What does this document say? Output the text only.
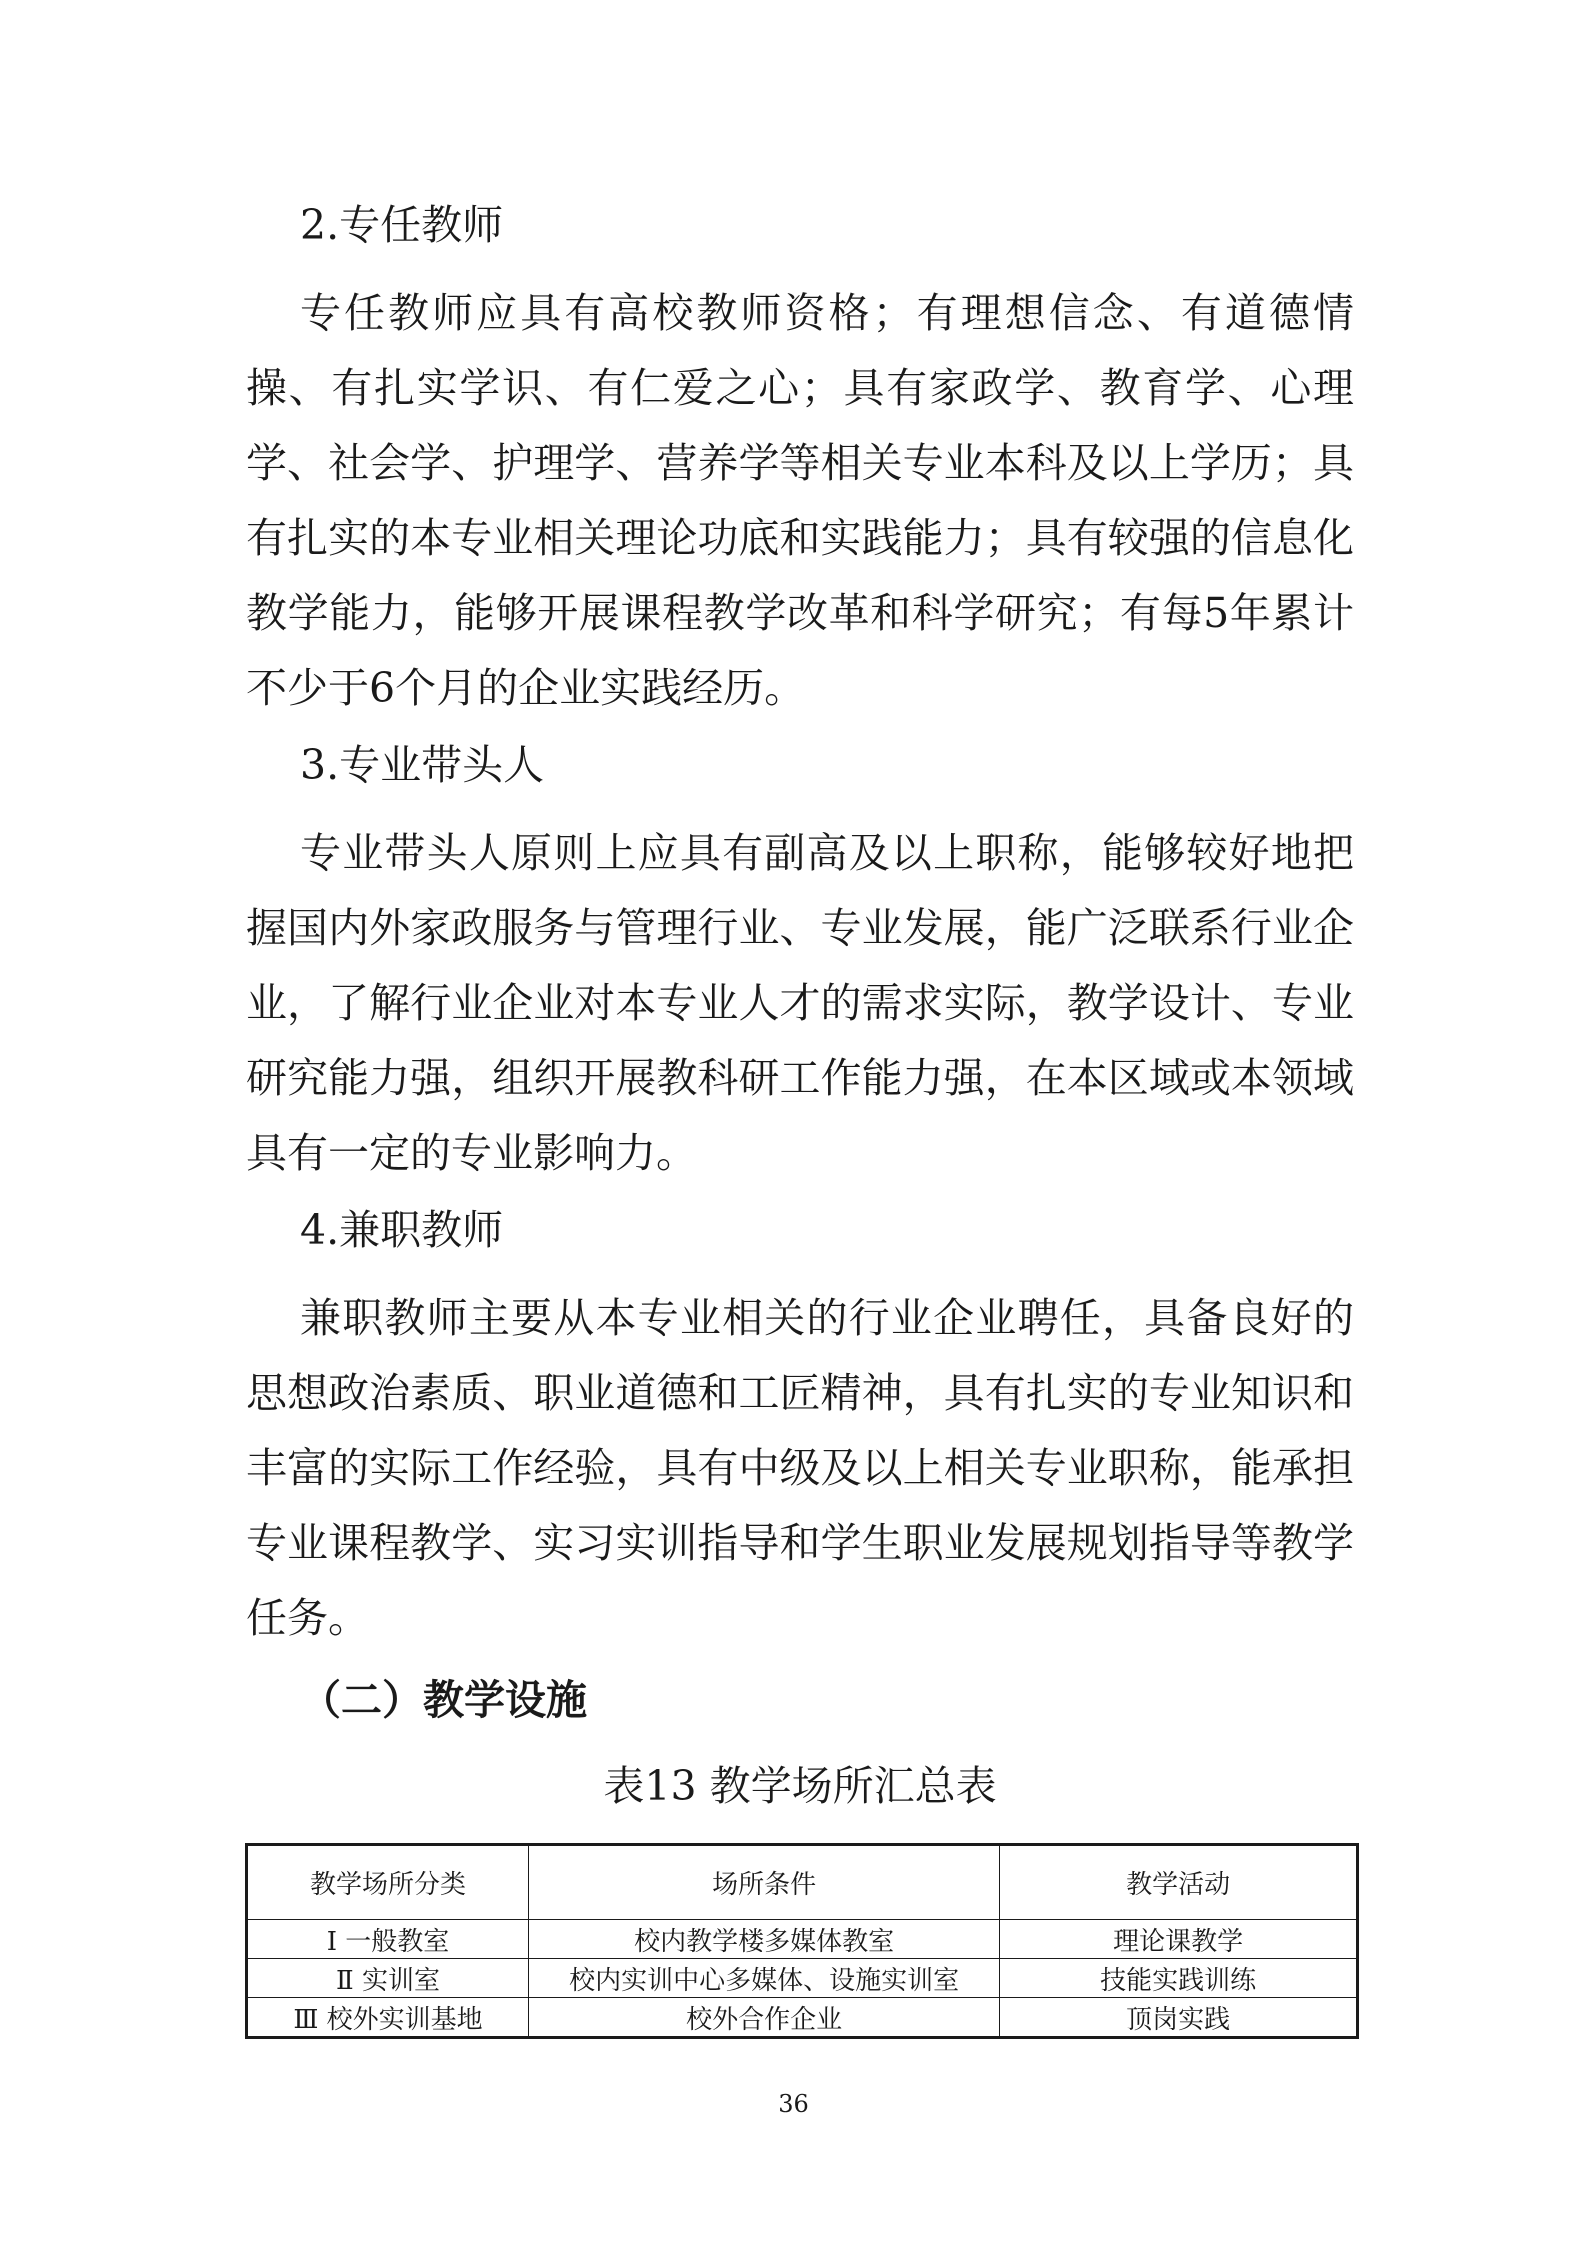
2.专任教师

专任教师应具有高校教师资格；有理想信念、有道德情操、有扎实学识、有仁爱之心；具有家政学、教育学、心理学、社会学、护理学、营养学等相关专业本科及以上学历；具有扎实的本专业相关理论功底和实践能力；具有较强的信息化教学能力，能够开展课程教学改革和科学研究；有每5年累计不少于6个月的企业实践经历。

3.专业带头人

专业带头人原则上应具有副高及以上职称，能够较好地把握国内外家政服务与管理行业、专业发展，能广泛联系行业企业，了解行业企业对本专业人才的需求实际，教学设计、专业研究能力强，组织开展教科研工作能力强，在本区域或本领域具有一定的专业影响力。

4.兼职教师

兼职教师主要从本专业相关的行业企业聘任，具备良好的思想政治素质、职业道德和工匠精神，具有扎实的专业知识和丰富的实际工作经验，具有中级及以上相关专业职称，能承担专业课程教学、实习实训指导和学生职业发展规划指导等教学任务。

（二）教学设施
表13 教学场所汇总表
教学场所分类	场所条件	教学活动
Ⅰ 一般教室	校内教学楼多媒体教室	理论课教学
Ⅱ 实训室	校内实训中心多媒体、设施实训室	技能实践训练
Ⅲ 校外实训基地	校外合作企业	顶岗实践
36
